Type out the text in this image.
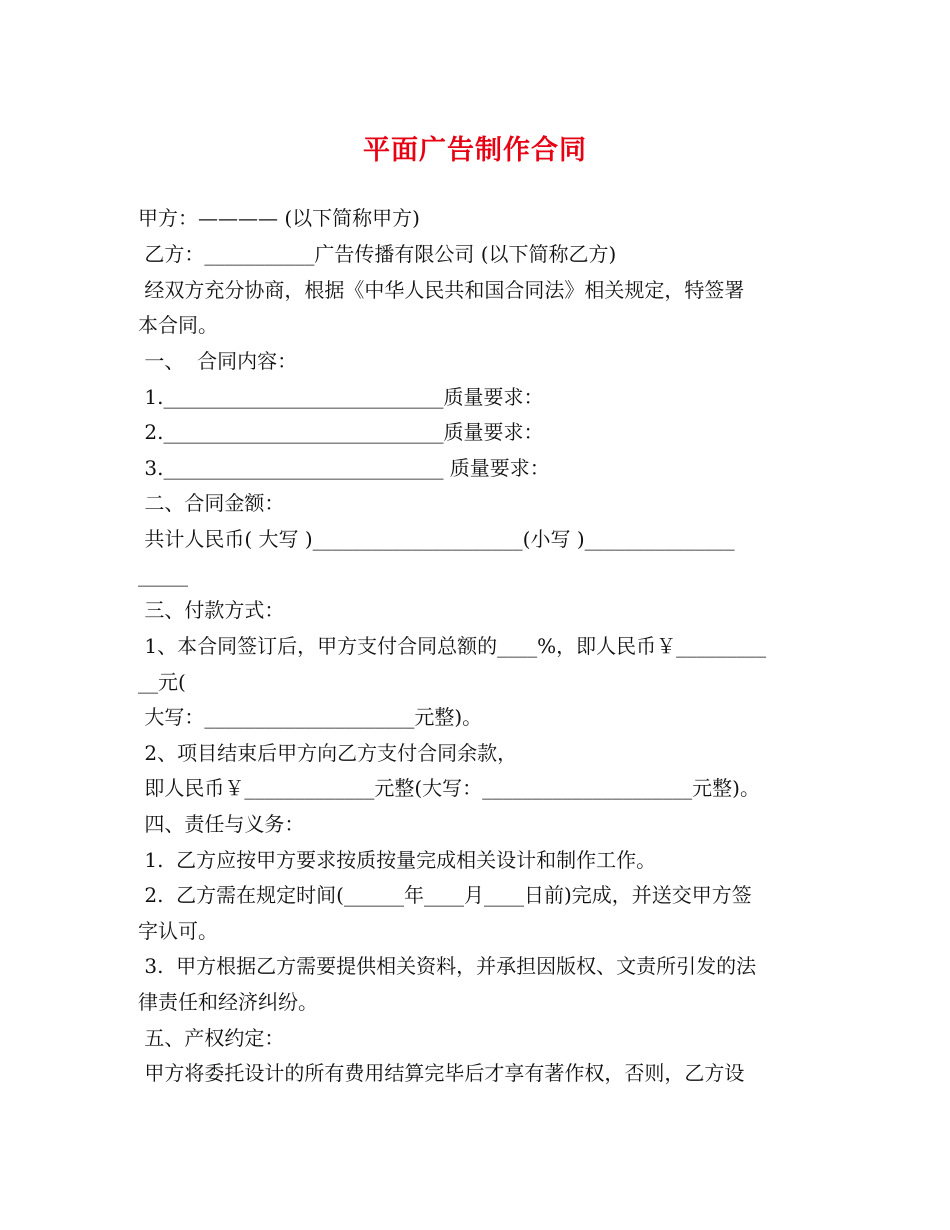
平面广告制作合同
甲方：———— (以下简称甲方)
乙方：___________广告传播有限公司 (以下简称乙方)
经双方充分协商，根据《中华人民共和国合同法》相关规定，特签署
本合同。
一、  合同内容：
1.____________________________质量要求：
2.____________________________质量要求：
3.____________________________ 质量要求：
二、合同金额：
共计人民币( 大写 )_____________________(小写 )_______________
_____
三、付款方式：
1、本合同签订后，甲方支付合同总额的____%，即人民币￥_________
__元(
大写：_____________________元整)。
2、项目结束后甲方向乙方支付合同余款，
即人民币￥_____________元整(大写：_____________________元整)。
四、责任与义务：
1.  乙方应按甲方要求按质按量完成相关设计和制作工作。
2.  乙方需在规定时间(______年____月____日前)完成，并送交甲方签
字认可。
3.  甲方根据乙方需要提供相关资料，并承担因版权、文责所引发的法
律责任和经济纠纷。
五、产权约定：
甲方将委托设计的所有费用结算完毕后才享有著作权，否则，乙方设
